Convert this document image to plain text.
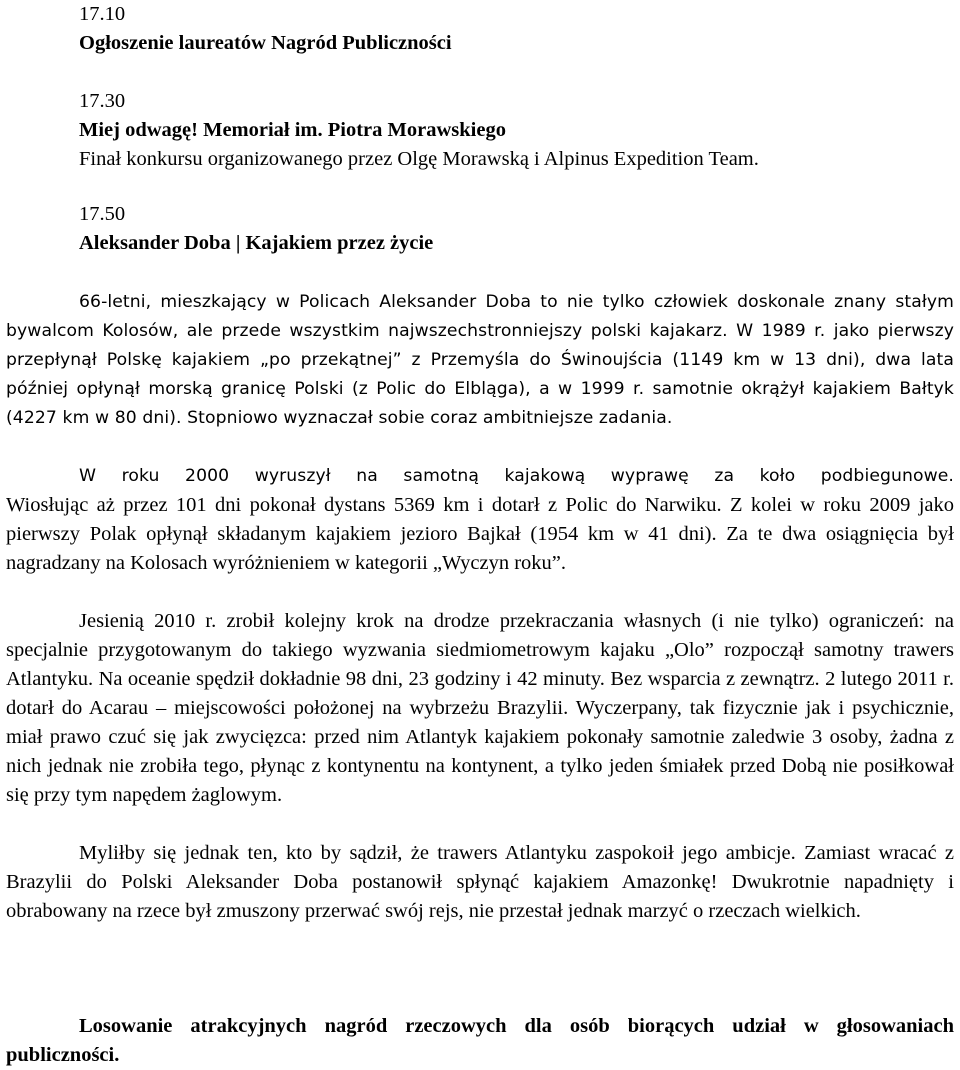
17.10
Ogłoszenie laureatów Nagród Publiczności
17.30
Miej odwagę! Memoriał im. Piotra Morawskiego
Finał konkursu organizowanego przez Olgę Morawską i Alpinus Expedition Team.
17.50
Aleksander Doba | Kajakiem przez życie
66-letni, mieszkający w Policach Aleksander Doba to nie tylko człowiek doskonale znany stałym bywalcom Kolosów, ale przede wszystkim najwszechstronniejszy polski kajakarz. W 1989 r. jako pierwszy przepłynął Polskę kajakiem „po przekątnej” z Przemyśla do Świnoujścia (1149 km w 13 dni), dwa lata później opłynął morską granicę Polski (z Polic do Elbląga), a w 1999 r. samotnie okrążył kajakiem Bałtyk (4227 km w 80 dni). Stopniowo wyznaczał sobie coraz ambitniejsze zadania.
W roku 2000 wyruszył na samotną kajakową wyprawę za koło podbiegunowe.
Wiosłując aż przez 101 dni pokonał dystans 5369 km i dotarł z Polic do Narwiku. Z kolei w roku 2009 jako pierwszy Polak opłynął składanym kajakiem jezioro Bajkał (1954 km w 41 dni). Za te dwa osiągnięcia był nagradzany na Kolosach wyróżnieniem w kategorii „Wyczyn roku”.
Jesienią 2010 r. zrobił kolejny krok na drodze przekraczania własnych (i nie tylko) ograniczeń: na specjalnie przygotowanym do takiego wyzwania siedmiometrowym kajaku „Olo” rozpoczął samotny trawers Atlantyku. Na oceanie spędził dokładnie 98 dni, 23 godziny i 42 minuty. Bez wsparcia z zewnątrz. 2 lutego 2011 r. dotarł do Acarau – miejscowości położonej na wybrzeżu Brazylii. Wyczerpany, tak fizycznie jak i psychicznie, miał prawo czuć się jak zwycięzca: przed nim Atlantyk kajakiem pokonały samotnie zaledwie 3 osoby, żadna z nich jednak nie zrobiła tego, płynąc z kontynentu na kontynent, a tylko jeden śmiałek przed Dobą nie posiłkował się przy tym napędem żaglowym.
Myliłby się jednak ten, kto by sądził, że trawers Atlantyku zaspokoił jego ambicje. Zamiast wracać z Brazylii do Polski Aleksander Doba postanowił spłynąć kajakiem Amazonkę! Dwukrotnie napadnięty i obrabowany na rzece był zmuszony przerwać swój rejs, nie przestał jednak marzyć o rzeczach wielkich.
Losowanie atrakcyjnych nagród rzeczowych dla osób biorących udział w głosowaniach publiczności.
